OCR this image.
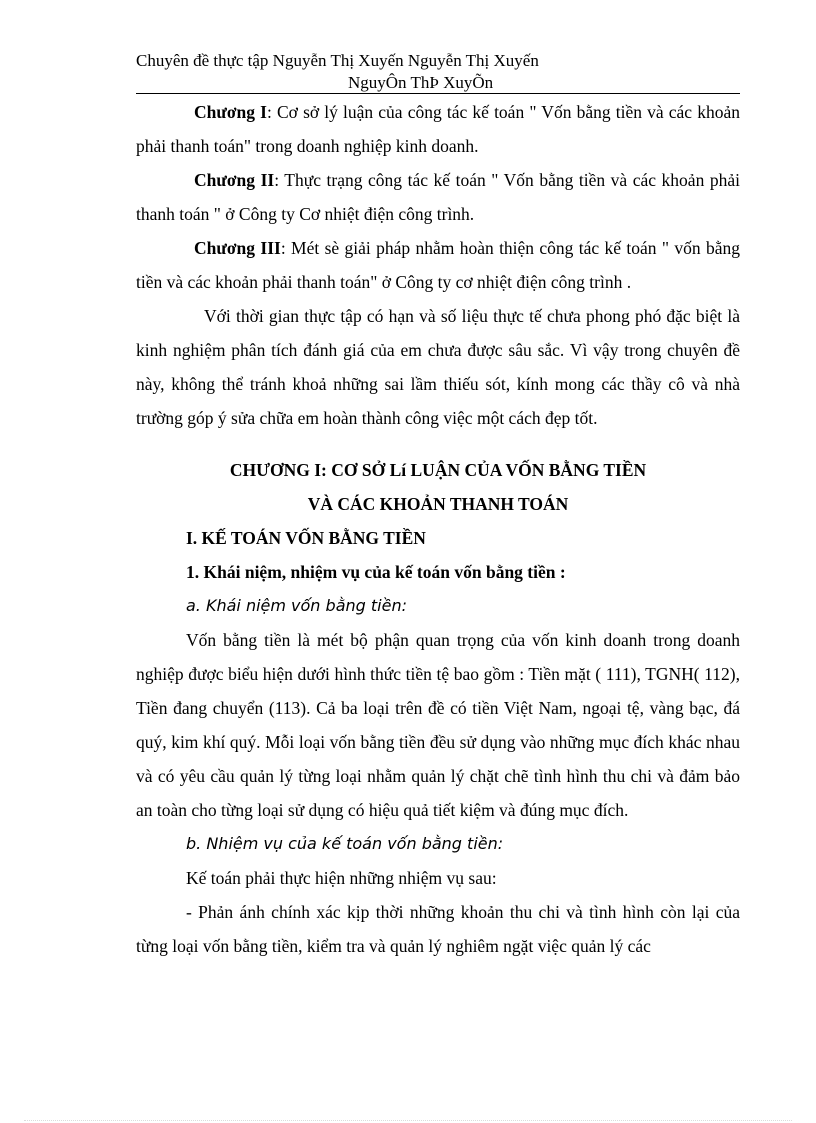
Chuyên đề thực tập Nguyễn Thị Xuyến Nguyễn Thị Xuyến
NguyÔn ThÞ XuyÕn

Chương I: Cơ sở lý luận của công tác kế toán " Vốn bằng tiền và các khoản phải thanh toán" trong doanh nghiệp kinh doanh.

Chương II: Thực trạng công tác kế toán " Vốn bằng tiền và các khoản phải thanh toán " ở Công ty Cơ nhiệt điện công trình.

Chương III: Mét sè giải pháp nhằm hoàn thiện công tác kế toán " vốn bằng tiền và các khoản phải thanh toán" ở Công ty cơ nhiệt điện công trình .

Với thời gian thực tập có hạn và số liệu thực tế chưa phong phó đặc biệt là kinh nghiệm phân tích đánh giá của em chưa được sâu sắc. Vì vậy trong chuyên đề này, không thể tránh khoả những sai lầm thiếu sót, kính mong các thầy cô và nhà trường góp ý sửa chữa em hoàn thành công việc một cách đẹp tốt.

CHƯƠNG I: CƠ SỞ Lí LUẬN CỦA VỐN BẰNG TIỀN

VÀ CÁC KHOẢN THANH TOÁN

I. KẾ TOÁN VỐN BẰNG TIỀN

1. Khái niệm, nhiệm vụ của kế toán vốn bằng tiền :

a. Khái niệm vốn bằng tiền:

Vốn bằng tiền là mét bộ phận quan trọng của vốn kinh doanh trong doanh nghiệp được biểu hiện dưới hình thức tiền tệ bao gồm : Tiền mặt ( 111), TGNH( 112), Tiền đang chuyển (113). Cả ba loại trên đề có tiền Việt Nam, ngoại tệ, vàng bạc, đá quý, kim khí quý. Mỗi loại vốn bằng tiền đều sử dụng vào những mục đích khác nhau và có yêu cầu quản lý từng loại nhằm quản lý chặt chẽ tình hình thu chi và đảm bảo an toàn cho từng loại sử dụng có hiệu quả tiết kiệm và đúng mục đích.

b. Nhiệm vụ của kế toán vốn bằng tiền:

Kế toán phải thực hiện những nhiệm vụ sau:

- Phản ánh chính xác kịp thời những khoản thu chi và tình hình còn lại của từng loại vốn bằng tiền, kiểm tra và quản lý nghiêm ngặt việc quản lý các
